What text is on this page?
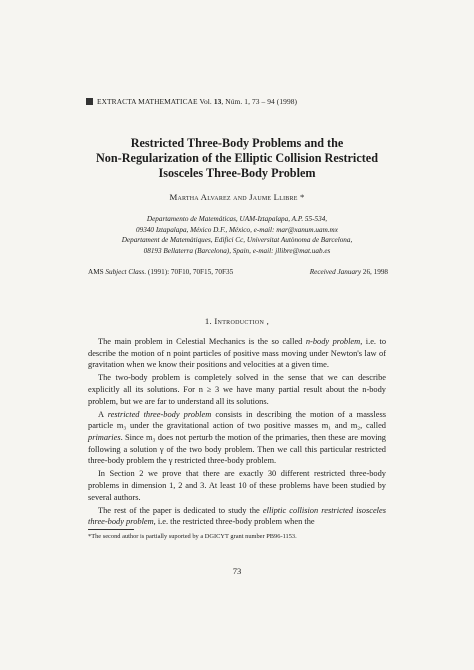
EXTRACTA MATHEMATICAE Vol. 13, Núm. 1, 73 – 94 (1998)
Restricted Three-Body Problems and the
Non-Regularization of the Elliptic Collision Restricted
Isosceles Three-Body Problem
Martha Alvarez and Jaume Llibre *
Departamento de Matemáticas, UAM-Iztapalapa, A.P. 55-534,
09340 Iztapalapa, México D.F., México, e-mail: mar@xanum.uam.mx
Departament de Matemàtiques, Edifici Cc, Universitat Autònoma de Barcelona,
08193 Bellaterra (Barcelona), Spain, e-mail: jllibre@mat.uab.es
AMS Subject Class. (1991): 70F10, 70F15, 70F35	Received January 26, 1998
1. Introduction ,

The main problem in Celestial Mechanics is the so called n-body problem, i.e. to describe the motion of n point particles of positive mass moving under Newton's law of gravitation when we know their positions and velocities at a given time.

The two-body problem is completely solved in the sense that we can describe explicitly all its solutions. For n ≥ 3 we have many partial result about the n-body problem, but we are far to understand all its solutions.

A restricted three-body problem consists in describing the motion of a massless particle m₃ under the gravitational action of two positive masses m₁ and m₂, called primaries. Since m₃ does not perturb the motion of the primaries, then these are moving following a solution γ of the two body problem. Then we call this particular restricted three-body problem the γ restricted three-body problem.

In Section 2 we prove that there are exactly 30 different restricted three-body problems in dimension 1, 2 and 3. At least 10 of these problems have been studied by several authors.

The rest of the paper is dedicated to study the elliptic collision restricted isosceles three-body problem, i.e. the restricted three-body problem when the

*The second author is partially suported by a DGICYT grant number PB96-1153.
73
